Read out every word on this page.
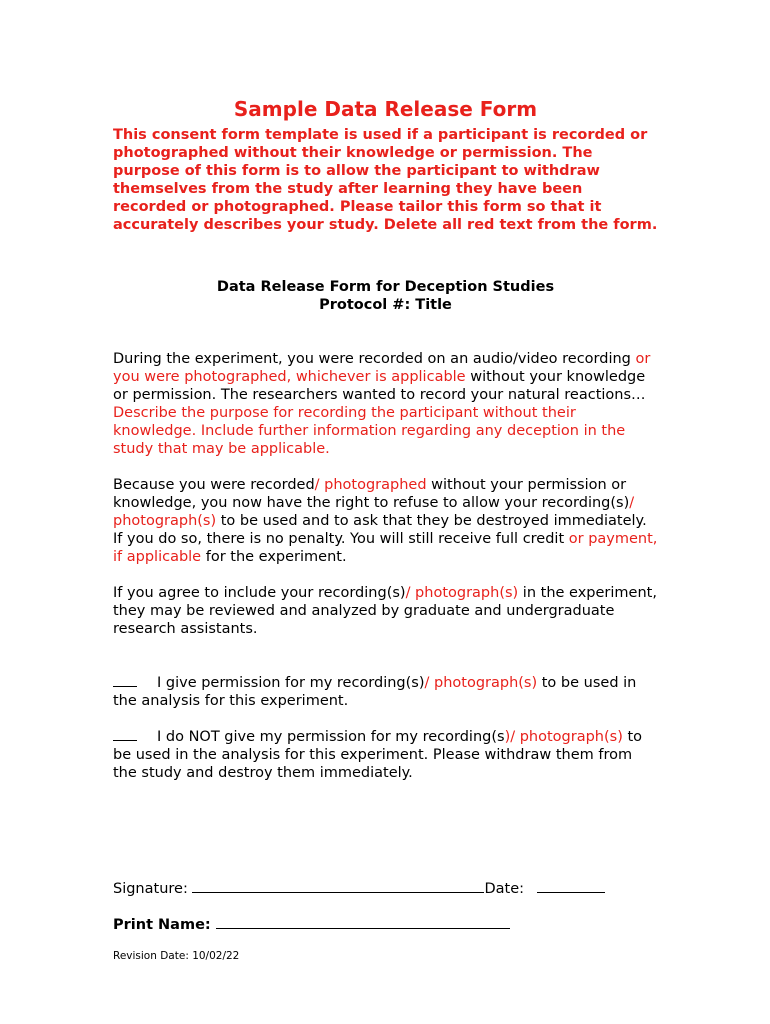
Sample Data Release Form

This consent form template is used if a participant is recorded or photographed without their knowledge or permission. The purpose of this form is to allow the participant to withdraw themselves from the study after learning they have been recorded or photographed. Please tailor this form so that it accurately describes your study. Delete all red text from the form.

Data Release Form for Deception Studies
Protocol #: Title

During the experiment, you were recorded on an audio/video recording or you were photographed, whichever is applicable without your knowledge or permission. The researchers wanted to record your natural reactions… Describe the purpose for recording the participant without their knowledge. Include further information regarding any deception in the study that may be applicable.

Because you were recorded/ photographed without your permission or knowledge, you now have the right to refuse to allow your recording(s)/ photograph(s) to be used and to ask that they be destroyed immediately. If you do so, there is no penalty. You will still receive full credit or payment, if applicable for the experiment.

If you agree to include your recording(s)/ photograph(s) in the experiment, they may be reviewed and analyzed by graduate and undergraduate research assistants.

I give permission for my recording(s)/ photograph(s) to be used in the analysis for this experiment.

I do NOT give my permission for my recording(s)/ photograph(s) to be used in the analysis for this experiment. Please withdraw them from the study and destroy them immediately.

Signature:	Date:
Print Name:
Revision Date: 10/02/22
